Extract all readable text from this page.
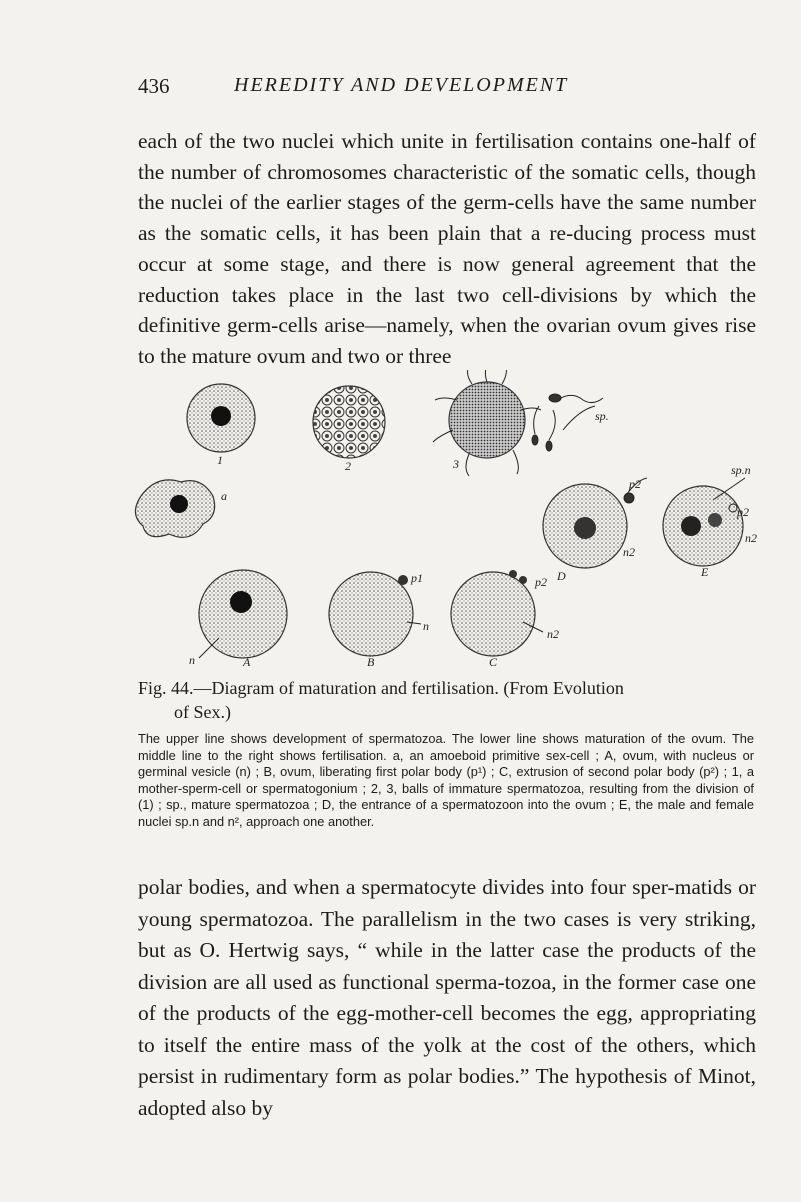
436	HEREDITY AND DEVELOPMENT

each of the two nuclei which unite in fertilisation contains one-half of the number of chromosomes characteristic of the somatic cells, though the nuclei of the earlier stages of the germ-cells have the same number as the somatic cells, it has been plain that a re-ducing process must occur at some stage, and there is now general agreement that the reduction takes place in the last two cell-divisions by which the definitive germ-cells arise—namely, when the ovarian ovum gives rise to the mature ovum and two or three

1	2	3
sp.
a
p2
n2
sp.n
p2
n2
E
D
p2
n2
p1
n
n	A	B	C
Fig. 44.—Diagram of maturation and fertilisation. (From Evolution
of Sex.)

The upper line shows development of spermatozoa. The lower line shows maturation of the ovum. The middle line to the right shows fertilisation. a, an amoeboid primitive sex-cell ; A, ovum, with nucleus or germinal vesicle (n) ; B, ovum, liberating first polar body (p¹) ; C, extrusion of second polar body (p²) ; 1, a mother-sperm-cell or spermatogonium ; 2, 3, balls of immature spermatozoa, resulting from the division of (1) ; sp., mature spermatozoa ; D, the entrance of a spermatozoon into the ovum ; E, the male and female nuclei sp.n and n², approach one another.

polar bodies, and when a spermatocyte divides into four sper-matids or young spermatozoa. The parallelism in the two cases is very striking, but as O. Hertwig says, “ while in the latter case the products of the division are all used as functional sperma-tozoa, in the former case one of the products of the egg-mother-cell becomes the egg, appropriating to itself the entire mass of the yolk at the cost of the others, which persist in rudimentary form as polar bodies.” The hypothesis of Minot, adopted also by
